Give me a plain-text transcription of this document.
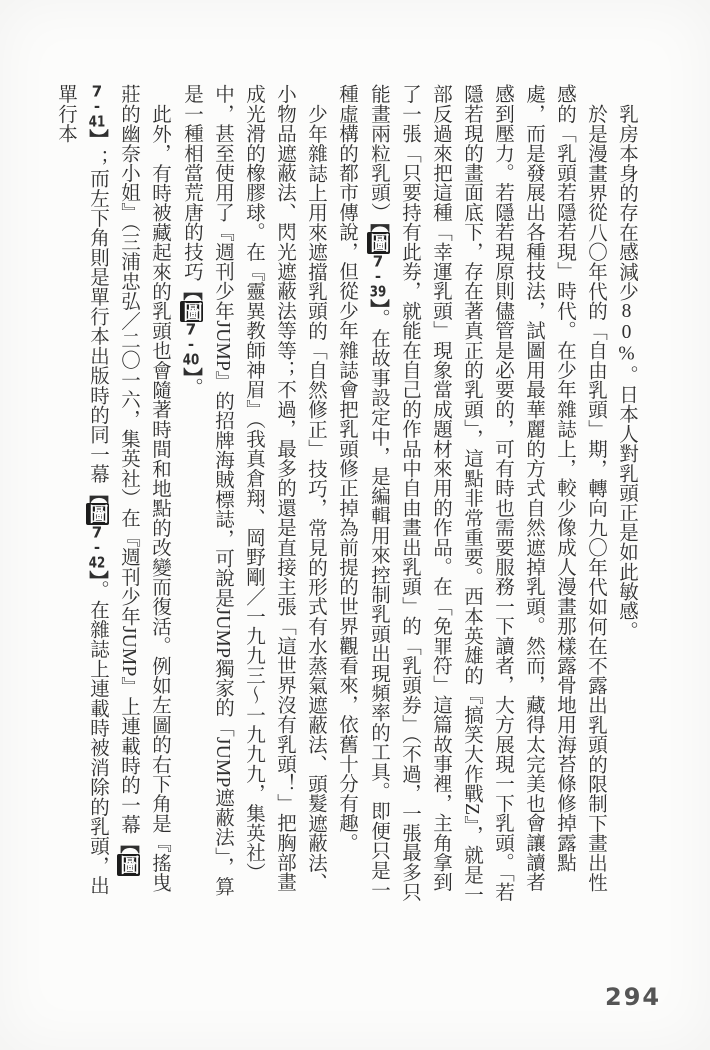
乳房本身的存在感減少80%。日本人對乳頭正是如此敏感。

於是漫畫界從八〇年代的「自由乳頭」期，轉向九〇年代如何在不露出乳頭的限制下畫出性感的「乳頭若隱若現」時代。在少年雜誌上，較少像成人漫畫那樣露骨地用海苔條修掉露點處，而是發展出各種技法，試圖用最華麗的方式自然遮掉乳頭。然而，藏得太完美也會讓讀者感到壓力。若隱若現原則儘管是必要的，可有時也需要服務一下讀者，大方展現一下乳頭。「若隱若現的畫面底下，存在著真正的乳頭」，這點非常重要。西本英雄的『搞笑大作戰Z』，就是一部反過來把這種「幸運乳頭」現象當成題材來用的作品。在「免罪符」這篇故事裡，主角拿到了一張「只要持有此券，就能在自己的作品中自由畫出乳頭」的「乳頭券」（不過，一張最多只能畫兩粒乳頭）【圖7-39】。在故事設定中，是編輯用來控制乳頭出現頻率的工具。即便只是一種虛構的都市傳說，但從少年雜誌會把乳頭修正掉為前提的世界觀看來，依舊十分有趣。

少年雜誌上用來遮擋乳頭的「自然修正」技巧，常見的形式有水蒸氣遮蔽法、頭髮遮蔽法、小物品遮蔽法、閃光遮蔽法等等；不過，最多的還是直接主張「這世界沒有乳頭！」把胸部畫成光滑的橡膠球。在『靈異教師神眉』（我真倉翔、岡野剛／一九九三～一九九九，集英社）中，甚至使用了『週刊少年JUMP』的招牌海賊標誌，可說是JUMP獨家的「JUMP遮蔽法」，算是一種相當荒唐的技巧【圖7-40】。

此外，有時被藏起來的乳頭也會隨著時間和地點的改變而復活。例如左圖的右下角是『搖曳莊的幽奈小姐』（三浦忠弘／二〇一六，集英社）在『週刊少年JUMP』上連載時的一幕【圖7-41】；而左下角則是單行本出版時的同一幕【圖7-42】。在雜誌上連載時被消除的乳頭，出單行本

294
